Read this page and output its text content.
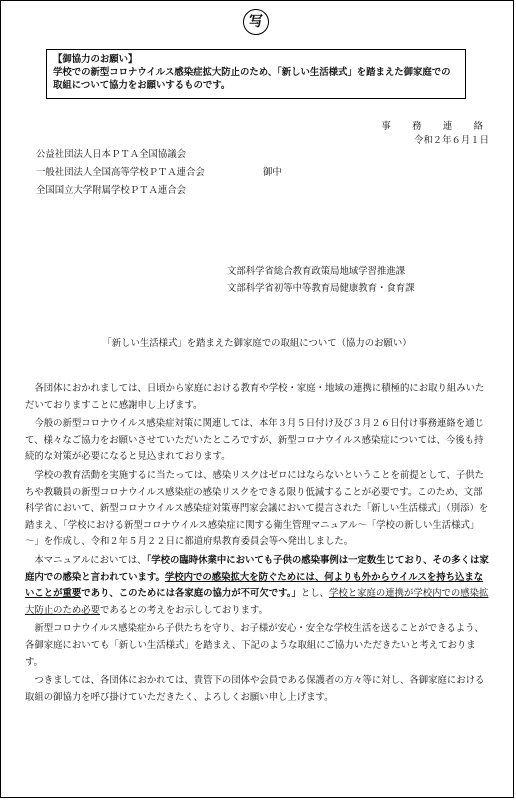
写

【御協力のお願い】

学校での新型コロナウイルス感染症拡大防止のため、「新しい生活様式」を踏まえた御家庭での取組について協力をお願いするものです。

事　務　連　絡
令和２年６月１日
公益社団法人日本ＰＴＡ全国協議会
一般社団法人全国高等学校ＰＴＡ連合会
全国国立大学附属学校ＰＴＡ連合会
御中
文部科学省総合教育政策局地域学習推進課
文部科学省初等中等教育局健康教育・食育課
「新しい生活様式」を踏まえた御家庭での取組について（協力のお願い）

各団体におかれましては、日頃から家庭における教育や学校・家庭・地域の連携に積極的にお取り組みいただいておりますことに感謝申し上げます。

今般の新型コロナウイルス感染症対策に関連しては、本年３月５日付け及び３月２６日付け事務連絡を通じて、様々なご協力をお願いさせていただいたところですが、新型コロナウイルス感染症については、今後も持続的な対策が必要になると見込まれております。

学校の教育活動を実施するに当たっては、感染リスクはゼロにはならないということを前提として、子供たちや教職員の新型コロナウイルス感染症の感染リスクをできる限り低減することが必要です。このため、文部科学省において、新型コロナウイルス感染症対策専門家会議において提言された「新しい生活様式」（別添）を踏まえ、「学校における新型コロナウイルス感染症に関する衛生管理マニュアル～「学校の新しい生活様式」～」を作成し、令和２年５月２２日に都道府県教育委員会等へ発出しました。

本マニュアルにおいては、「学校の臨時休業中においても子供の感染事例は一定数生じており、その多くは家庭内での感染と言われています。学校内での感染拡大を防ぐためには、何よりも外からウイルスを持ち込まないことが重要であり、このためには各家庭の協力が不可欠です。」とし、学校と家庭の連携が学校内での感染拡大防止のため必要であるとの考えをお示ししております。

新型コロナウイルス感染症から子供たちを守り、お子様が安心・安全な学校生活を送ることができるよう、各御家庭においても「新しい生活様式」を踏まえ、下記のような取組にご協力いただきたいと考えております。

つきましては、各団体におかれては、貴管下の団体や会員である保護者の方々等に対し、各御家庭における取組の御協力を呼び掛けていただきたく、よろしくお願い申し上げます。
